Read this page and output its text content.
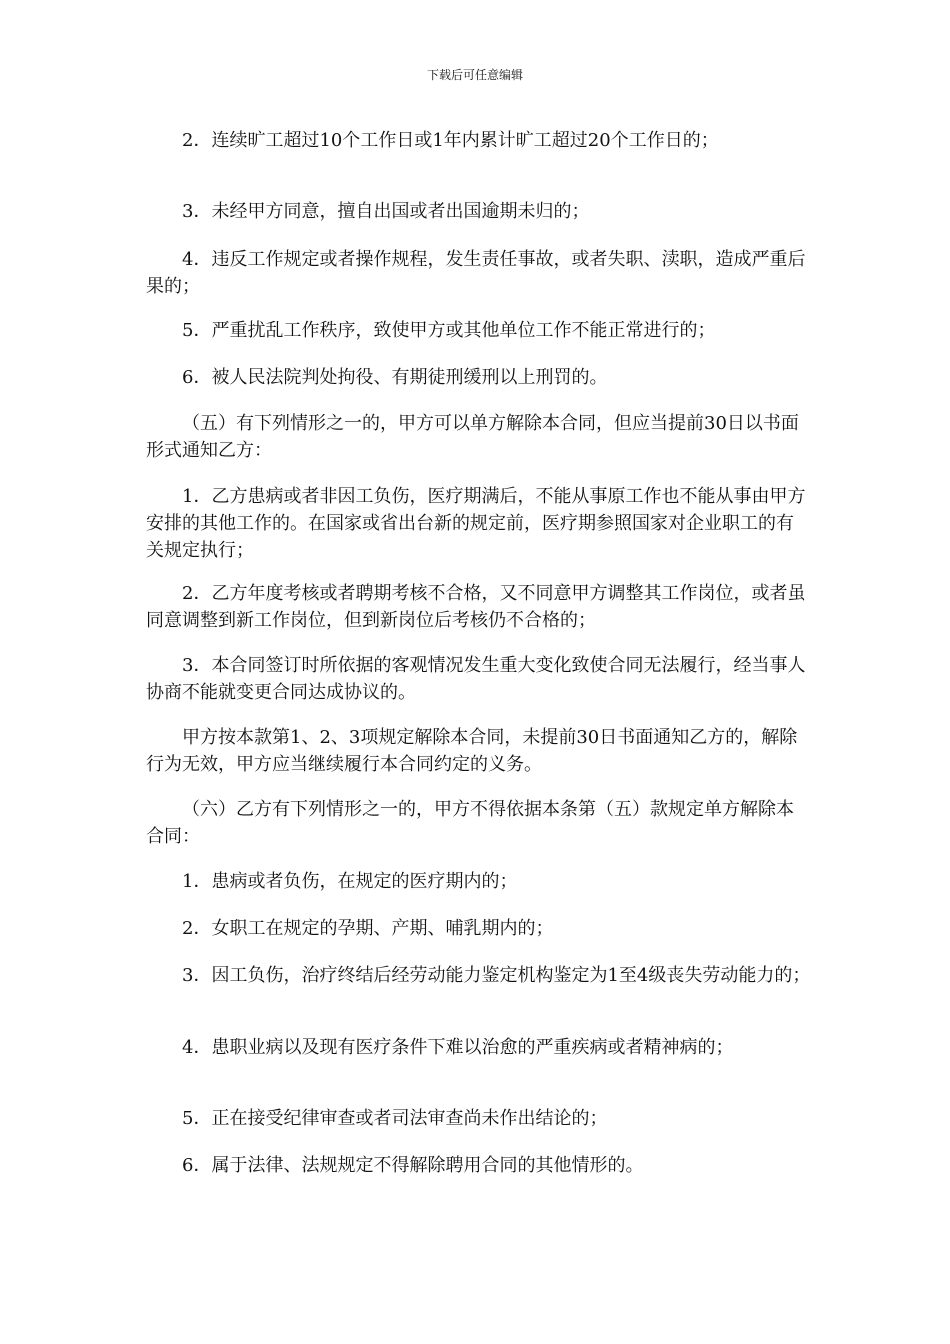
下载后可任意编辑

2．连续旷工超过10个工作日或1年内累计旷工超过20个工作日的；

3．未经甲方同意，擅自出国或者出国逾期未归的；

4．违反工作规定或者操作规程，发生责任事故，或者失职、渎职，造成严重后果的；

5．严重扰乱工作秩序，致使甲方或其他单位工作不能正常进行的；

6．被人民法院判处拘役、有期徒刑缓刑以上刑罚的。

（五）有下列情形之一的，甲方可以单方解除本合同，但应当提前30日以书面形式通知乙方：

1．乙方患病或者非因工负伤，医疗期满后，不能从事原工作也不能从事由甲方安排的其他工作的。在国家或省出台新的规定前，医疗期参照国家对企业职工的有关规定执行；

2．乙方年度考核或者聘期考核不合格，又不同意甲方调整其工作岗位，或者虽同意调整到新工作岗位，但到新岗位后考核仍不合格的；

3．本合同签订时所依据的客观情况发生重大变化致使合同无法履行，经当事人协商不能就变更合同达成协议的。

甲方按本款第1、2、3项规定解除本合同，未提前30日书面通知乙方的，解除行为无效，甲方应当继续履行本合同约定的义务。

（六）乙方有下列情形之一的，甲方不得依据本条第（五）款规定单方解除本合同：

1．患病或者负伤，在规定的医疗期内的；

2．女职工在规定的孕期、产期、哺乳期内的；

3．因工负伤，治疗终结后经劳动能力鉴定机构鉴定为1至4级丧失劳动能力的；

4．患职业病以及现有医疗条件下难以治愈的严重疾病或者精神病的；

5．正在接受纪律审查或者司法审查尚未作出结论的；

6．属于法律、法规规定不得解除聘用合同的其他情形的。
